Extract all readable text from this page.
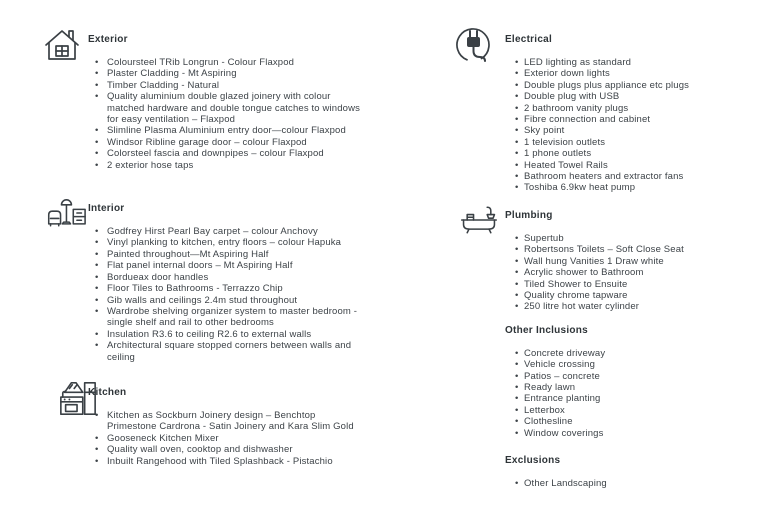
Exterior
• Coloursteel TRib Longrun - Colour Flaxpod
• Plaster Cladding - Mt Aspiring
• Timber Cladding - Natural
• Quality aluminium double glazed joinery with colour matched hardware and double tongue catches to windows for easy ventilation – Flaxpod
• Slimline Plasma Aluminium entry door—colour Flaxpod
• Windsor Ribline garage door – colour Flaxpod
• Colorsteel fascia and downpipes – colour Flaxpod
• 2 exterior hose taps
Interior
• Godfrey Hirst Pearl Bay carpet – colour Anchovy
• Vinyl planking to kitchen, entry floors – colour Hapuka
• Painted throughout—Mt Aspiring Half
• Flat panel internal doors – Mt Aspiring Half
• Bordueax door handles
• Floor Tiles to Bathrooms - Terrazzo Chip
• Gib walls and ceilings 2.4m stud throughout
• Wardrobe shelving organizer system to master bedroom -single shelf and rail to other bedrooms
• Insulation R3.6 to ceiling R2.6 to external walls
• Architectural square stopped corners between walls and ceiling
Kitchen
• Kitchen as Sockburn Joinery design – Benchtop Primestone Cardrona - Satin Joinery and Kara Slim Gold
• Gooseneck Kitchen Mixer
• Quality wall oven, cooktop and dishwasher
• Inbuilt Rangehood with Tiled Splashback - Pistachio
Electrical
• LED lighting as standard
• Exterior down lights
• Double plugs plus appliance etc plugs
• Double plug with USB
• 2 bathroom vanity plugs
• Fibre connection and cabinet
• Sky point
• 1 television outlets
• 1 phone outlets
• Heated Towel Rails
• Bathroom heaters and extractor fans
• Toshiba 6.9kw heat pump
Plumbing
• Supertub
• Robertsons Toilets – Soft Close Seat
• Wall hung Vanities 1 Draw white
• Acrylic shower to Bathroom
• Tiled Shower to Ensuite
• Quality chrome tapware
• 250 litre hot water cylinder
Other Inclusions
• Concrete driveway
• Vehicle crossing
• Patios – concrete
• Ready lawn
• Entrance planting
• Letterbox
• Clothesline
• Window coverings
Exclusions
• Other Landscaping
